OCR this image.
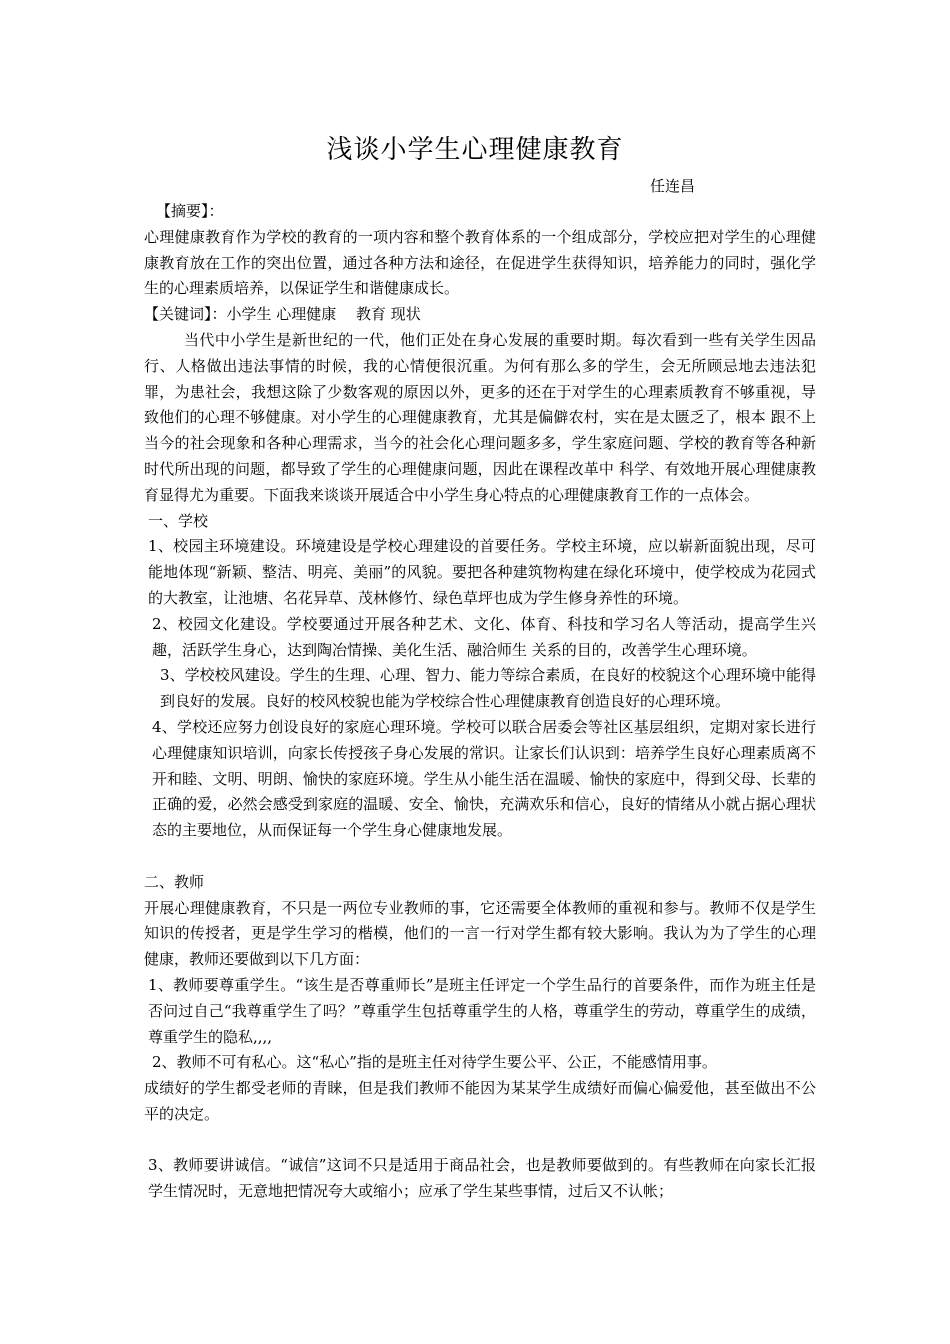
浅谈小学生心理健康教育
任连昌

【摘要】：

心理健康教育作为学校的教育的一项内容和整个教育体系的一个组成部分，学校应把对学生的心理健康教育放在工作的突出位置，通过各种方法和途径，在促进学生获得知识，培养能力的同时，强化学生的心理素质培养，以保证学生和谐健康成长。

【关键词】：小学生 心理健康　 教育 现状

当代中小学生是新世纪的一代，他们正处在身心发展的重要时期。每次看到一些有关学生因品行、人格做出违法事情的时候，我的心情便很沉重。为何有那么多的学生，会无所顾忌地去违法犯罪，为患社会，我想这除了少数客观的原因以外，更多的还在于对学生的心理素质教育不够重视，导致他们的心理不够健康。对小学生的心理健康教育，尤其是偏僻农村，实在是太匮乏了，根本 跟不上当今的社会现象和各种心理需求，当今的社会化心理问题多多，学生家庭问题、学校的教育等各种新时代所出现的问题，都导致了学生的心理健康问题，因此在课程改革中 科学、有效地开展心理健康教育显得尤为重要。下面我来谈谈开展适合中小学生身心特点的心理健康教育工作的一点体会。

一、学校

1、校园主环境建设。环境建设是学校心理建设的首要任务。学校主环境，应以崭新面貌出现，尽可能地体现“新颖、整洁、明亮、美丽”的风貌。要把各种建筑物构建在绿化环境中，使学校成为花园式的大教室，让池塘、名花异草、茂林修竹、绿色草坪也成为学生修身养性的环境。

2、校园文化建设。学校要通过开展各种艺术、文化、体育、科技和学习名人等活动，提高学生兴趣，活跃学生身心，达到陶冶情操、美化生活、融洽师生 关系的目的，改善学生心理环境。

3、学校校风建设。学生的生理、心理、智力、能力等综合素质，在良好的校貌这个心理环境中能得到良好的发展。良好的校风校貌也能为学校综合性心理健康教育创造良好的心理环境。

4、学校还应努力创设良好的家庭心理环境。学校可以联合居委会等社区基层组织，定期对家长进行心理健康知识培训，向家长传授孩子身心发展的常识。让家长们认识到：培养学生良好心理素质离不开和睦、文明、明朗、愉快的家庭环境。学生从小能生活在温暖、愉快的家庭中，得到父母、长辈的正确的爱，必然会感受到家庭的温暖、安全、愉快，充满欢乐和信心，良好的情绪从小就占据心理状态的主要地位，从而保证每一个学生身心健康地发展。

二、教师

开展心理健康教育，不只是一两位专业教师的事，它还需要全体教师的重视和参与。教师不仅是学生知识的传授者，更是学生学习的楷模，他们的一言一行对学生都有较大影响。我认为为了学生的心理健康，教师还要做到以下几方面：

1、教师要尊重学生。“该生是否尊重师长”是班主任评定一个学生品行的首要条件，而作为班主任是否问过自己“我尊重学生了吗？”尊重学生包括尊重学生的人格，尊重学生的劳动，尊重学生的成绩，尊重学生的隐私,,,,

2、教师不可有私心。这“私心”指的是班主任对待学生要公平、公正，不能感情用事。

成绩好的学生都受老师的青睐，但是我们教师不能因为某某学生成绩好而偏心偏爱他，甚至做出不公平的决定。

3、教师要讲诚信。“诚信”这词不只是适用于商品社会，也是教师要做到的。有些教师在向家长汇报学生情况时，无意地把情况夸大或缩小；应承了学生某些事情，过后又不认帐；
